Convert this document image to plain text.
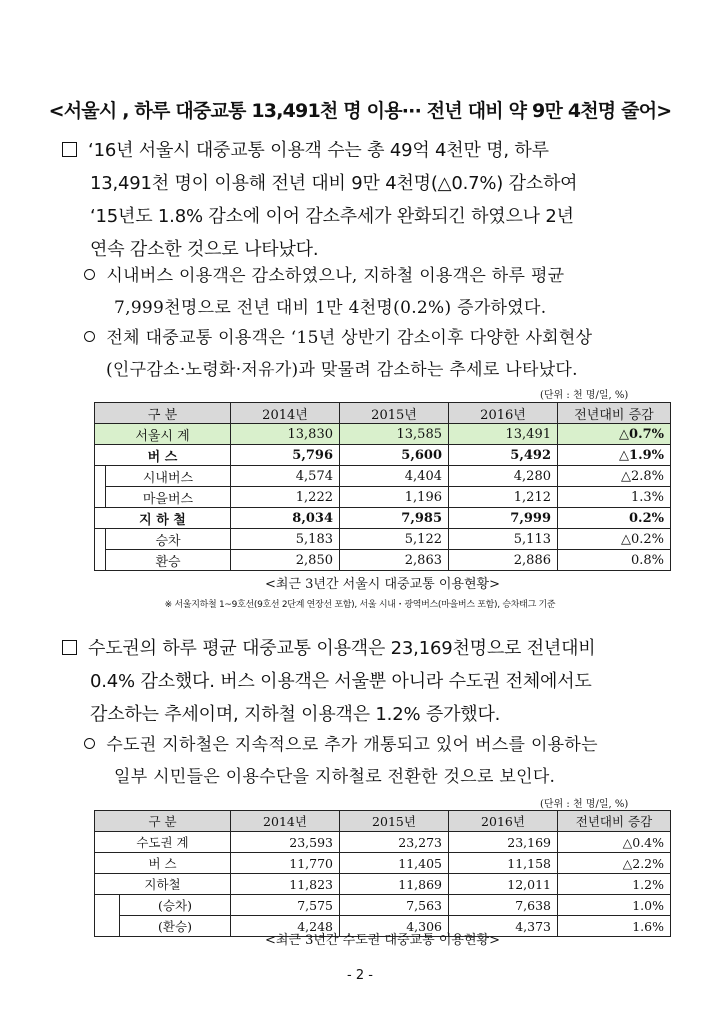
<서울시 , 하루 대중교통 13,491천 명 이용··· 전년 대비 약 9만 4천명 줄어>
‘16년 서울시 대중교통 이용객 수는 총 49억 4천만 명, 하루
13,491천 명이 이용해 전년 대비 9만 4천명(△0.7%) 감소하여
‘15년도 1.8% 감소에 이어 감소추세가 완화되긴 하였으나 2년
연속 감소한 것으로 나타났다.
시내버스 이용객은 감소하였으나, 지하철 이용객은 하루 평균
7,999천명으로 전년 대비 1만 4천명(0.2%) 증가하였다.
전체 대중교통 이용객은 ‘15년 상반기 감소이후 다양한 사회현상
(인구감소·노령화·저유가)과 맞물려 감소하는 추세로 나타났다.
(단위 : 천 명/일, %)
구 분		2014년	2015년	2016년	전년대비 증감
서울시 계		13,830	13,585	13,491	△0.7%
버 스		5,796	5,600	5,492	△1.9%
	시내버스	4,574	4,404	4,280	△2.8%
	마을버스	1,222	1,196	1,212	1.3%
지 하 철		8,034	7,985	7,999	0.2%
	승차	5,183	5,122	5,113	△0.2%
	환승	2,850	2,863	2,886	0.8%
<최근 3년간 서울시 대중교통 이용현황>
※ 서울지하철 1~9호선(9호선 2단계 연장선 포함), 서울 시내・광역버스(마을버스 포함), 승차태그 기준
수도권의 하루 평균 대중교통 이용객은 23,169천명으로 전년대비
0.4% 감소했다. 버스 이용객은 서울뿐 아니라 수도권 전체에서도
감소하는 추세이며, 지하철 이용객은 1.2% 증가했다.
수도권 지하철은 지속적으로 추가 개통되고 있어 버스를 이용하는
일부 시민들은 이용수단을 지하철로 전환한 것으로 보인다.
(단위 : 천 명/일, %)
구 분		2014년	2015년	2016년	전년대비 증감
수도권 계		23,593	23,273	23,169	△0.4%
버 스		11,770	11,405	11,158	△2.2%
지하철		11,823	11,869	12,011	1.2%
	(승차)	7,575	7,563	7,638	1.0%
	(환승)	4,248	4,306	4,373	1.6%
<최근 3년간 수도권 대중교통 이용현황>
- 2 -
